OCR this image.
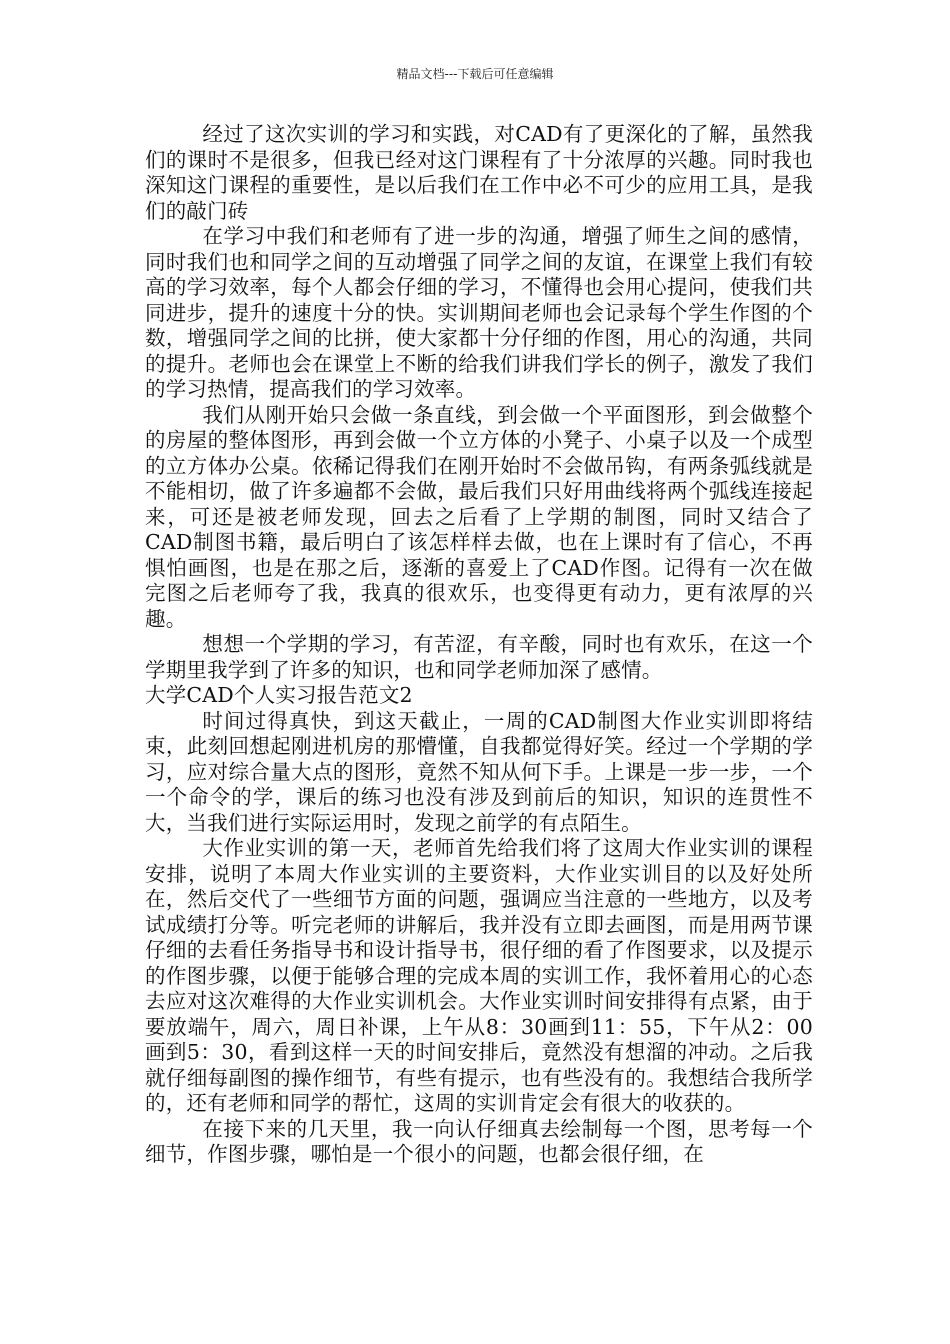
精品文档---下载后可任意编辑

经过了这次实训的学习和实践，对CAD有了更深化的了解，虽然我们的课时不是很多，但我已经对这门课程有了十分浓厚的兴趣。同时我也深知这门课程的重要性，是以后我们在工作中必不可少的应用工具，是我们的敲门砖

在学习中我们和老师有了进一步的沟通，增强了师生之间的感情，同时我们也和同学之间的互动增强了同学之间的友谊，在课堂上我们有较高的学习效率，每个人都会仔细的学习，不懂得也会用心提问，使我们共同进步，提升的速度十分的快。实训期间老师也会记录每个学生作图的个数，增强同学之间的比拼，使大家都十分仔细的作图，用心的沟通，共同的提升。老师也会在课堂上不断的给我们讲我们学长的例子，激发了我们的学习热情，提高我们的学习效率。

我们从刚开始只会做一条直线，到会做一个平面图形，到会做整个的房屋的整体图形，再到会做一个立方体的小凳子、小桌子以及一个成型的立方体办公桌。依稀记得我们在刚开始时不会做吊钩，有两条弧线就是不能相切，做了许多遍都不会做，最后我们只好用曲线将两个弧线连接起来，可还是被老师发现，回去之后看了上学期的制图，同时又结合了CAD制图书籍，最后明白了该怎样样去做，也在上课时有了信心，不再惧怕画图，也是在那之后，逐渐的喜爱上了CAD作图。记得有一次在做完图之后老师夸了我，我真的很欢乐，也变得更有动力，更有浓厚的兴趣。

想想一个学期的学习，有苦涩，有辛酸，同时也有欢乐，在这一个学期里我学到了许多的知识，也和同学老师加深了感情。

大学CAD个人实习报告范文2

时间过得真快，到这天截止，一周的CAD制图大作业实训即将结束，此刻回想起刚进机房的那懵懂，自我都觉得好笑。经过一个学期的学习，应对综合量大点的图形，竟然不知从何下手。上课是一步一步，一个一个命令的学，课后的练习也没有涉及到前后的知识，知识的连贯性不大，当我们进行实际运用时，发现之前学的有点陌生。

大作业实训的第一天，老师首先给我们将了这周大作业实训的课程安排，说明了本周大作业实训的主要资料，大作业实训目的以及好处所在，然后交代了一些细节方面的问题，强调应当注意的一些地方，以及考试成绩打分等。听完老师的讲解后，我并没有立即去画图，而是用两节课仔细的去看任务指导书和设计指导书，很仔细的看了作图要求，以及提示的作图步骤，以便于能够合理的完成本周的实训工作，我怀着用心的心态去应对这次难得的大作业实训机会。大作业实训时间安排得有点紧，由于要放端午，周六，周日补课，上午从8：30画到11：55，下午从2：00画到5：30，看到这样一天的时间安排后，竟然没有想溜的冲动。之后我就仔细每副图的操作细节，有些有提示，也有些没有的。我想结合我所学的，还有老师和同学的帮忙，这周的实训肯定会有很大的收获的。

在接下来的几天里，我一向认仔细真去绘制每一个图，思考每一个细节，作图步骤，哪怕是一个很小的问题，也都会很仔细，在
